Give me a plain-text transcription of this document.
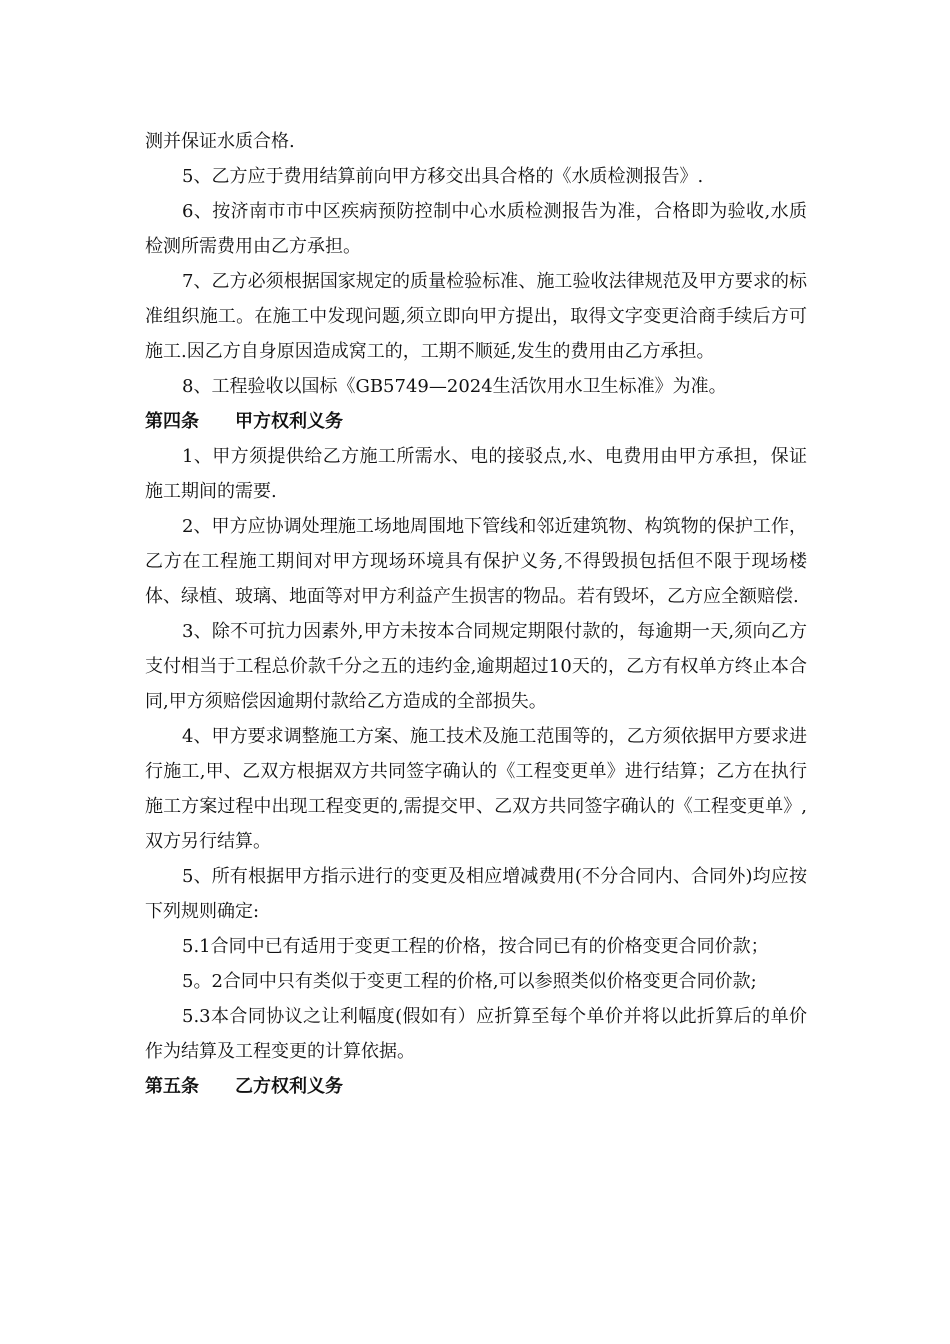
测并保证水质合格.

5、乙方应于费用结算前向甲方移交出具合格的《水质检测报告》.

6、按济南市市中区疾病预防控制中心水质检测报告为准，合格即为验收,水质检测所需费用由乙方承担。

7、乙方必须根据国家规定的质量检验标准、施工验收法律规范及甲方要求的标准组织施工。在施工中发现问题,须立即向甲方提出，取得文字变更洽商手续后方可施工.因乙方自身原因造成窝工的，工期不顺延,发生的费用由乙方承担。

8、工程验收以国标《GB5749—2024生活饮用水卫生标准》为准。

第四条　　甲方权利义务

1、甲方须提供给乙方施工所需水、电的接驳点,水、电费用由甲方承担，保证施工期间的需要.

2、甲方应协调处理施工场地周围地下管线和邻近建筑物、构筑物的保护工作，乙方在工程施工期间对甲方现场环境具有保护义务,不得毁损包括但不限于现场楼体、绿植、玻璃、地面等对甲方利益产生损害的物品。若有毁坏，乙方应全额赔偿.

3、除不可抗力因素外,甲方未按本合同规定期限付款的，每逾期一天,须向乙方支付相当于工程总价款千分之五的违约金,逾期超过10天的，乙方有权单方终止本合同,甲方须赔偿因逾期付款给乙方造成的全部损失。

4、甲方要求调整施工方案、施工技术及施工范围等的，乙方须依据甲方要求进行施工,甲、乙双方根据双方共同签字确认的《工程变更单》进行结算；乙方在执行施工方案过程中出现工程变更的,需提交甲、乙双方共同签字确认的《工程变更单》,双方另行结算。

5、所有根据甲方指示进行的变更及相应增减费用(不分合同内、合同外)均应按下列规则确定:

5.1合同中已有适用于变更工程的价格，按合同已有的价格变更合同价款；

5。2合同中只有类似于变更工程的价格,可以参照类似价格变更合同价款;

5.3本合同协议之让利幅度(假如有）应折算至每个单价并将以此折算后的单价作为结算及工程变更的计算依据。

第五条　　乙方权利义务
